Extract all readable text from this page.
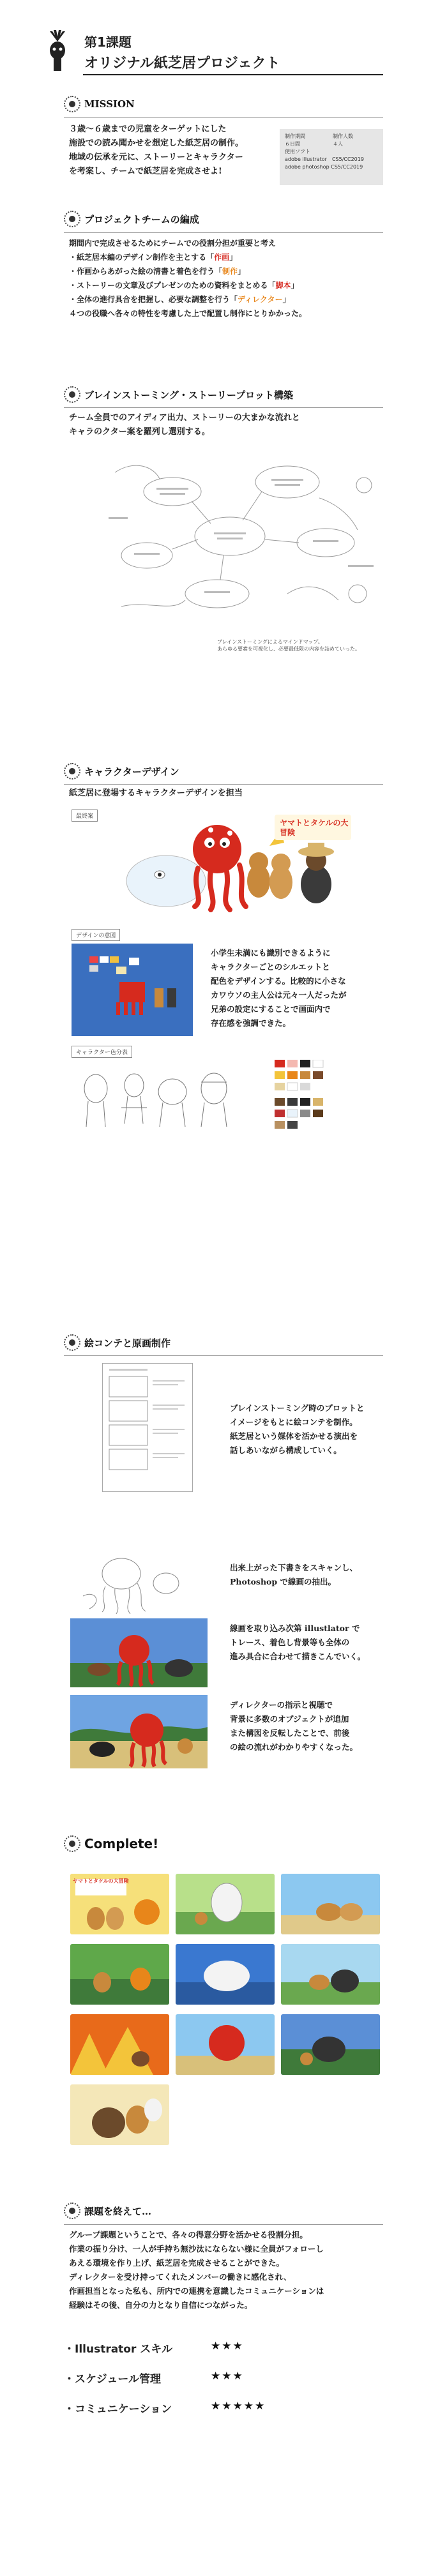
第1課題
オリジナル紙芝居プロジェクト
MISSION
３歳～６歳までの児童をターゲットにした
施設での読み聞かせを想定した紙芝居の制作。
地域の伝承を元に、ストーリーとキャラクター
を考案し、チームで紙芝居を完成させよ!
制作期間	制作人数
６日間	４人
使用ソフト
adobe illustrator　CS5/CC2019
adobe photoshop CS5/CC2019
プロジェクトチームの編成
期間内で完成させるためにチームでの役割分担が重要と考え
・紙芝居本編のデザイン制作を主とする「作画」
・作画からあがった絵の清書と着色を行う「制作」
・ストーリーの文章及びプレゼンのための資料をまとめる「脚本」
・全体の進行具合を把握し、必要な調整を行う「ディレクター」
４つの役職へ各々の特性を考慮した上で配置し制作にとりかかった。
ブレインストーミング・ストーリープロット構築
チーム全員でのアイディア出力、ストーリーの大まかな流れと
キャラのクター案を羅列し選別する。
ブレインストーミングによるマインドマップ。
あらゆる要素を可視化し、必要最低限の内容を詰めていった。
キャラクターデザイン
紙芝居に登場するキャラクターデザインを担当
最終案
ヤマトとタケルの大冒険
デザインの意図
小学生未満にも識別できるように
キャラクターごとのシルエットと
配色をデザインする。比較的に小さな
カワウソの主人公は元々一人だったが
兄弟の設定にすることで画面内で
存在感を強調できた。
キャラクター色分表
絵コンテと原画制作
ブレインストーミング時のプロットと
イメージをもとに絵コンテを制作。
紙芝居という媒体を活かせる演出を
話しあいながら構成していく。
出来上がった下書きをスキャンし、
Photoshop で線画の抽出。
線画を取り込み次第 illustlator で
トレース、着色し背景等も全体の
進み具合に合わせて描きこんでいく。
ディレクターの指示と視聴で
背景に多数のオブジェクトが追加
また構図を反転したことで、前後
の絵の流れがわかりやすくなった。
Complete!
ヤマトとタケルの大冒険
課題を終えて…
グループ課題ということで、各々の得意分野を活かせる役割分担。
作業の振り分け、一人が手持ち無沙汰にならない様に全員がフォローし
あえる環境を作り上げ、紙芝居を完成させることができた。
ディレクターを受け持ってくれたメンバーの働きに感化され、
作画担当となった私も、所内での連携を意識したコミュニケーションは
経験はその後、自分の力となり自信につながった。
・Illustrator スキル	★★★
・スケジュール管理	★★★
・コミュニケーション	★★★★★
